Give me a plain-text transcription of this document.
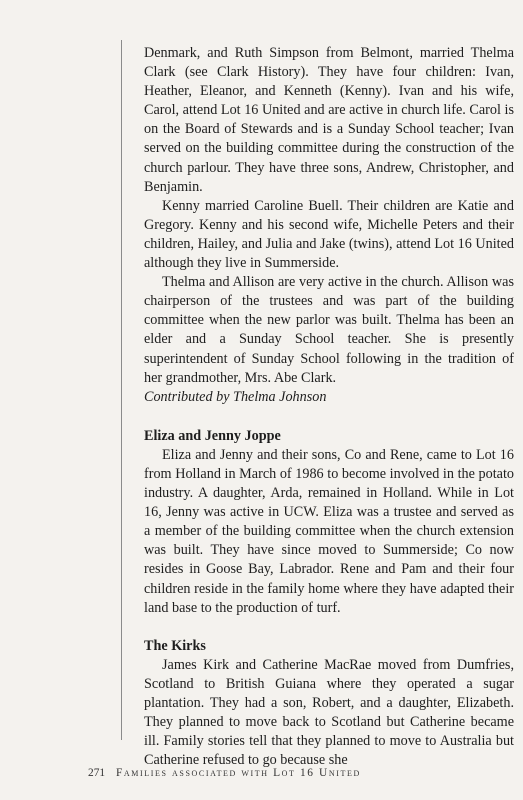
Denmark, and Ruth Simpson from Belmont, married Thelma Clark (see Clark History). They have four children: Ivan, Heather, Eleanor, and Kenneth (Kenny). Ivan and his wife, Carol, attend Lot 16 United and are active in church life. Carol is on the Board of Stewards and is a Sunday School teacher; Ivan served on the building committee during the construction of the church parlour. They have three sons, Andrew, Christopher, and Benjamin.

Kenny married Caroline Buell. Their children are Katie and Gregory. Kenny and his second wife, Michelle Peters and their children, Hailey, and Julia and Jake (twins), attend Lot 16 United although they live in Summerside.

Thelma and Allison are very active in the church. Allison was chairperson of the trustees and was part of the building committee when the new parlor was built. Thelma has been an elder and a Sunday School teacher. She is presently superintendent of Sunday School following in the tradition of her grandmother, Mrs. Abe Clark.

Contributed by Thelma Johnson

Eliza and Jenny Joppe

Eliza and Jenny and their sons, Co and Rene, came to Lot 16 from Holland in March of 1986 to become involved in the potato industry. A daughter, Arda, remained in Holland. While in Lot 16, Jenny was active in UCW. Eliza was a trustee and served as a member of the building committee when the church extension was built. They have since moved to Summerside; Co now resides in Goose Bay, Labrador. Rene and Pam and their four children reside in the family home where they have adapted their land base to the production of turf.

The Kirks

James Kirk and Catherine MacRae moved from Dumfries, Scotland to British Guiana where they operated a sugar plantation. They had a son, Robert, and a daughter, Elizabeth. They planned to move back to Scotland but Catherine became ill. Family stories tell that they planned to move to Australia but Catherine refused to go because she

271 Families associated with Lot 16 United
